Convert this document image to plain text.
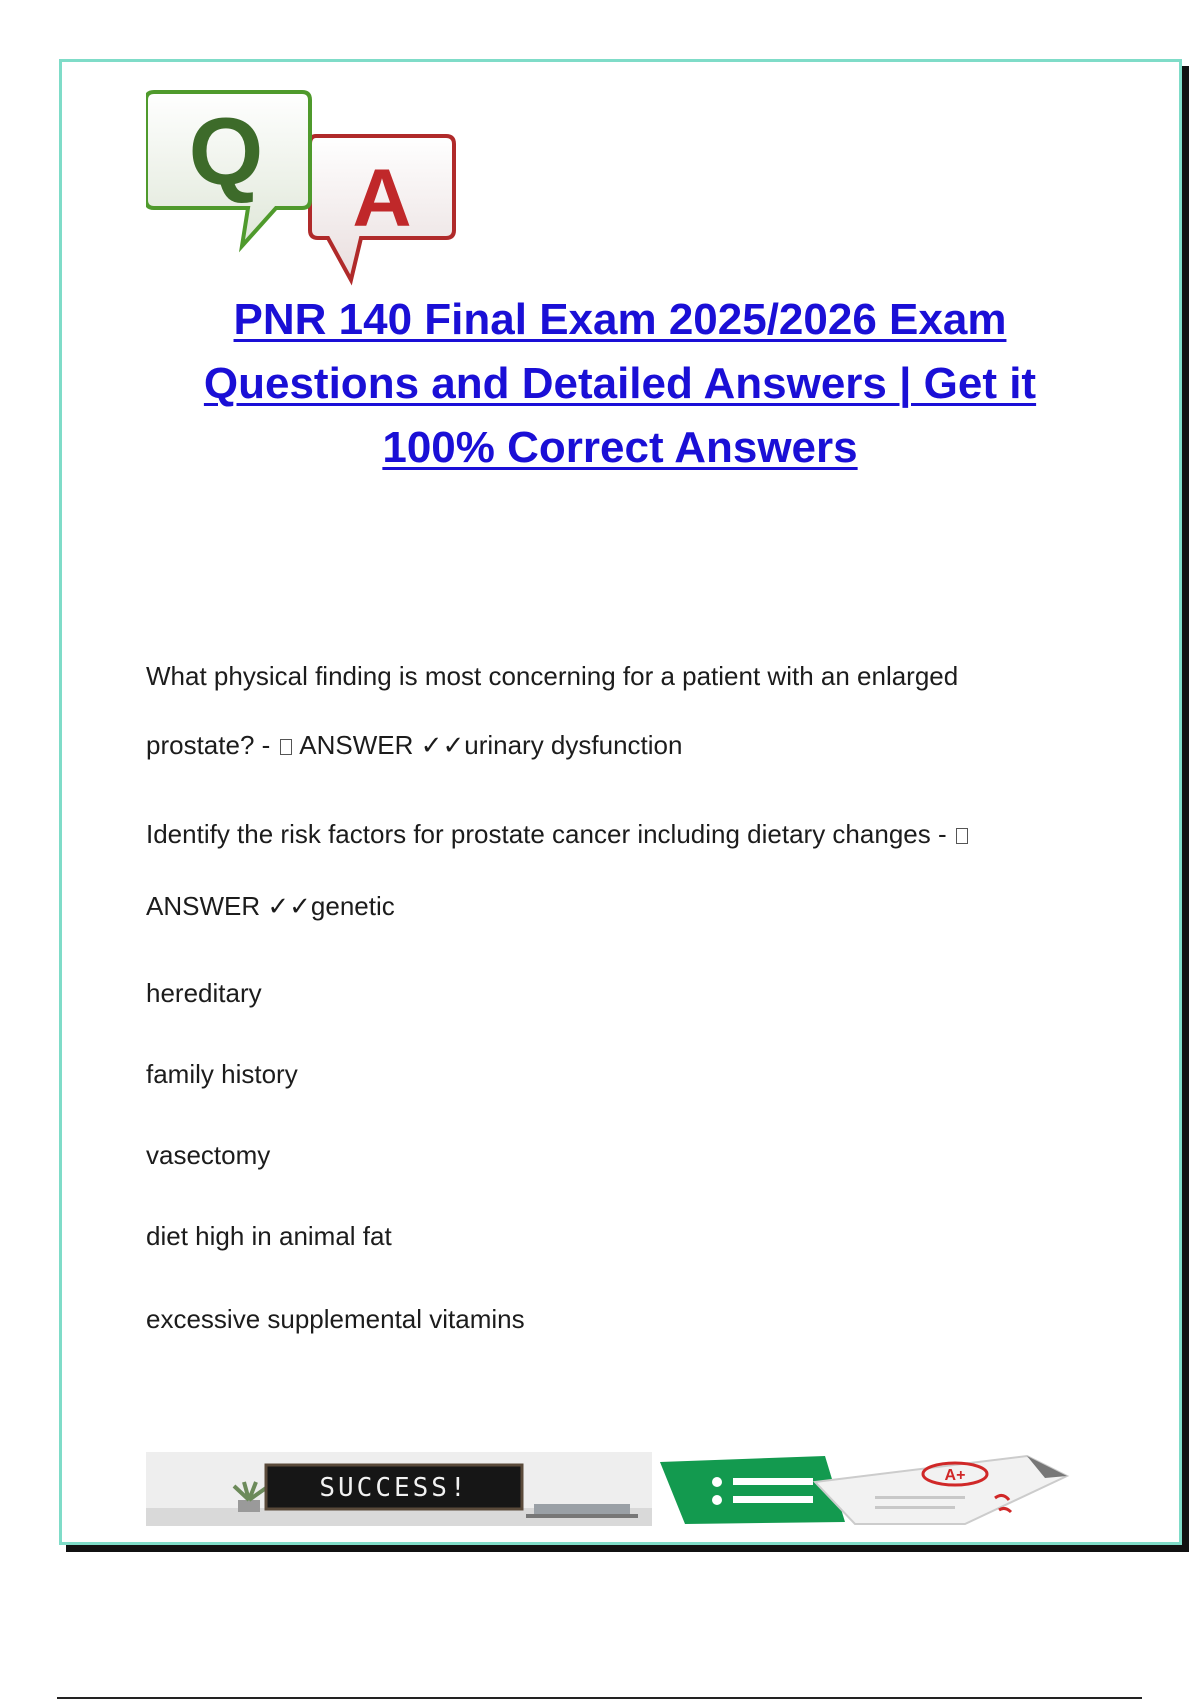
Q A
PNR 140 Final Exam 2025/2026 Exam
Questions and Detailed Answers | Get it
100% Correct Answers
What physical finding is most concerning for a patient with an enlarged
prostate? -  ANSWER ✓✓urinary dysfunction
Identify the risk factors for prostate cancer including dietary changes -
ANSWER ✓✓genetic
hereditary
family history
vasectomy
diet high in animal fat
excessive supplemental vitamins
SUCCESS!	A+
